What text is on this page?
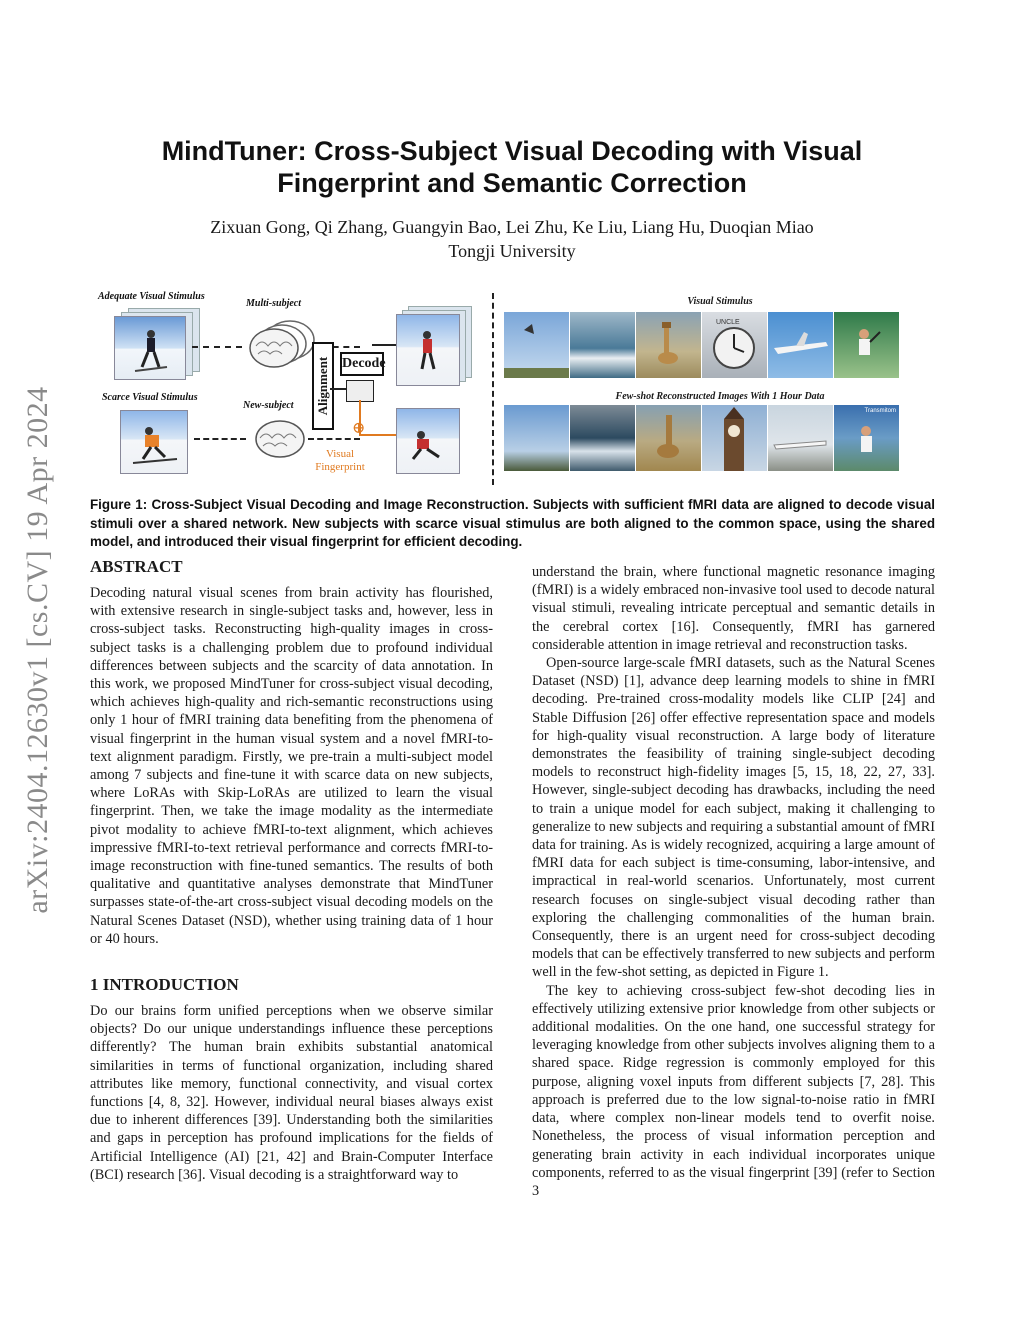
arXiv:2404.12630v1 [cs.CV] 19 Apr 2024
MindTuner: Cross-Subject Visual Decoding with Visual
Fingerprint and Semantic Correction
Zixuan Gong, Qi Zhang, Guangyin Bao, Lei Zhu, Ke Liu, Liang Hu, Duoqian Miao
Tongji University
Adequate Visual Stimulus
Multi-subject
Scarce Visual Stimulus
New-subject Alignment Decode
⊕
Visual
Fingerprint
Visual Stimulus
Few-shot Reconstructed Images With 1 Hour Data
UNCLE
Transmitom
Figure 1: Cross-Subject Visual Decoding and Image Reconstruction. Subjects with sufficient fMRI data are aligned to decode visual stimuli over a shared network. New subjects with scarce visual stimulus are both aligned to the common space, using the shared model, and introduced their visual fingerprint for efficient decoding.

ABSTRACT

Decoding natural visual scenes from brain activity has flourished, with extensive research in single-subject tasks and, however, less in cross-subject tasks. Reconstructing high-quality images in cross-subject tasks is a challenging problem due to profound individual differences between subjects and the scarcity of data annotation. In this work, we proposed MindTuner for cross-subject visual decoding, which achieves high-quality and rich-semantic reconstructions using only 1 hour of fMRI training data benefiting from the phenomena of visual fingerprint in the human visual system and a novel fMRI-to-text alignment paradigm. Firstly, we pre-train a multi-subject model among 7 subjects and fine-tune it with scarce data on new subjects, where LoRAs with Skip-LoRAs are utilized to learn the visual fingerprint. Then, we take the image modality as the intermediate pivot modality to achieve fMRI-to-text alignment, which achieves impressive fMRI-to-text retrieval performance and corrects fMRI-to-image reconstruction with fine-tuned semantics. The results of both qualitative and quantitative analyses demonstrate that MindTuner surpasses state-of-the-art cross-subject visual decoding models on the Natural Scenes Dataset (NSD), whether using training data of 1 hour or 40 hours.

1 INTRODUCTION

Do our brains form unified perceptions when we observe similar objects? Do our unique understandings influence these perceptions differently? The human brain exhibits substantial anatomical similarities in terms of functional organization, including shared attributes like memory, functional connectivity, and visual cortex functions [4, 8, 32]. However, individual neural biases always exist due to inherent differences [39]. Understanding both the similarities and gaps in perception has profound implications for the fields of Artificial Intelligence (AI) [21, 42] and Brain-Computer Interface (BCI) research [36]. Visual decoding is a straightforward way to

understand the brain, where functional magnetic resonance imaging (fMRI) is a widely embraced non-invasive tool used to decode natural visual stimuli, revealing intricate perceptual and semantic details in the cerebral cortex [16]. Consequently, fMRI has garnered considerable attention in image retrieval and reconstruction tasks.

Open-source large-scale fMRI datasets, such as the Natural Scenes Dataset (NSD) [1], advance deep learning models to shine in fMRI decoding. Pre-trained cross-modality models like CLIP [24] and Stable Diffusion [26] offer effective representation space and models for high-quality visual reconstruction. A large body of literature demonstrates the feasibility of training single-subject decoding models to reconstruct high-fidelity images [5, 15, 18, 22, 27, 33]. However, single-subject decoding has drawbacks, including the need to train a unique model for each subject, making it challenging to generalize to new subjects and requiring a substantial amount of fMRI data for training. As is widely recognized, acquiring a large amount of fMRI data for each subject is time-consuming, labor-intensive, and impractical in real-world scenarios. Unfortunately, most current research focuses on single-subject visual decoding rather than exploring the challenging commonalities of the human brain. Consequently, there is an urgent need for cross-subject decoding models that can be effectively transferred to new subjects and perform well in the few-shot setting, as depicted in Figure 1.

The key to achieving cross-subject few-shot decoding lies in effectively utilizing extensive prior knowledge from other subjects or additional modalities. On the one hand, one successful strategy for leveraging knowledge from other subjects involves aligning them to a shared space. Ridge regression is commonly employed for this purpose, aligning voxel inputs from different subjects [7, 28]. This approach is preferred due to the low signal-to-noise ratio in fMRI data, where complex non-linear models tend to overfit noise. Nonetheless, the process of visual information perception and generating brain activity in each individual incorporates unique components, referred to as the visual fingerprint [39] (refer to Section 3
